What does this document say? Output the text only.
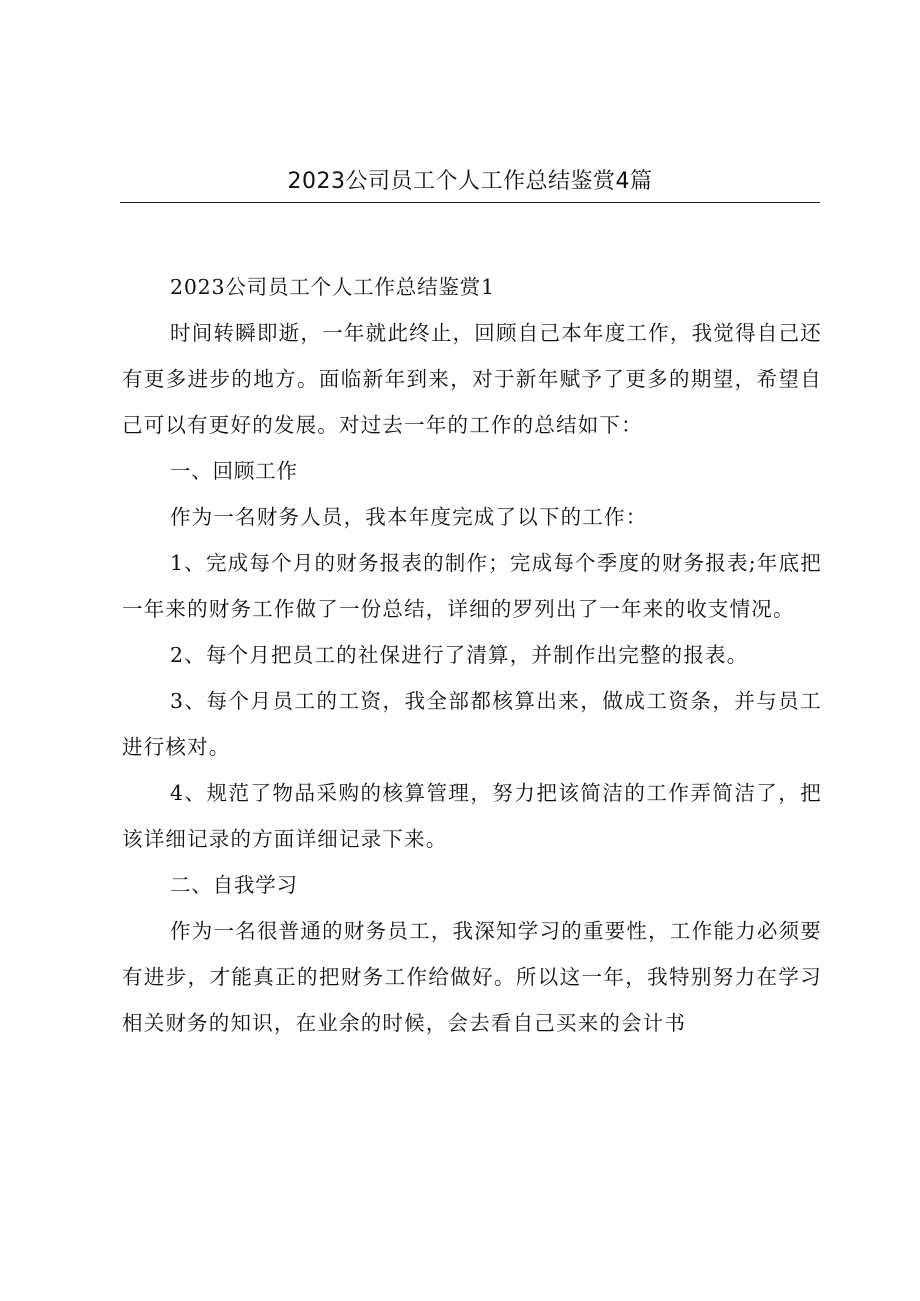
2023公司员工个人工作总结鉴赏4篇

2023公司员工个人工作总结鉴赏1

时间转瞬即逝，一年就此终止，回顾自己本年度工作，我觉得自己还有更多进步的地方。面临新年到来，对于新年赋予了更多的期望，希望自己可以有更好的发展。对过去一年的工作的总结如下：

一、回顾工作

作为一名财务人员，我本年度完成了以下的工作：

1、完成每个月的财务报表的制作；完成每个季度的财务报表;年底把一年来的财务工作做了一份总结，详细的罗列出了一年来的收支情况。

2、每个月把员工的社保进行了清算，并制作出完整的报表。

3、每个月员工的工资，我全部都核算出来，做成工资条，并与员工进行核对。

4、规范了物品采购的核算管理，努力把该简洁的工作弄简洁了，把该详细记录的方面详细记录下来。

二、自我学习

作为一名很普通的财务员工，我深知学习的重要性，工作能力必须要有进步，才能真正的把财务工作给做好。所以这一年，我特别努力在学习相关财务的知识，在业余的时候，会去看自己买来的会计书
